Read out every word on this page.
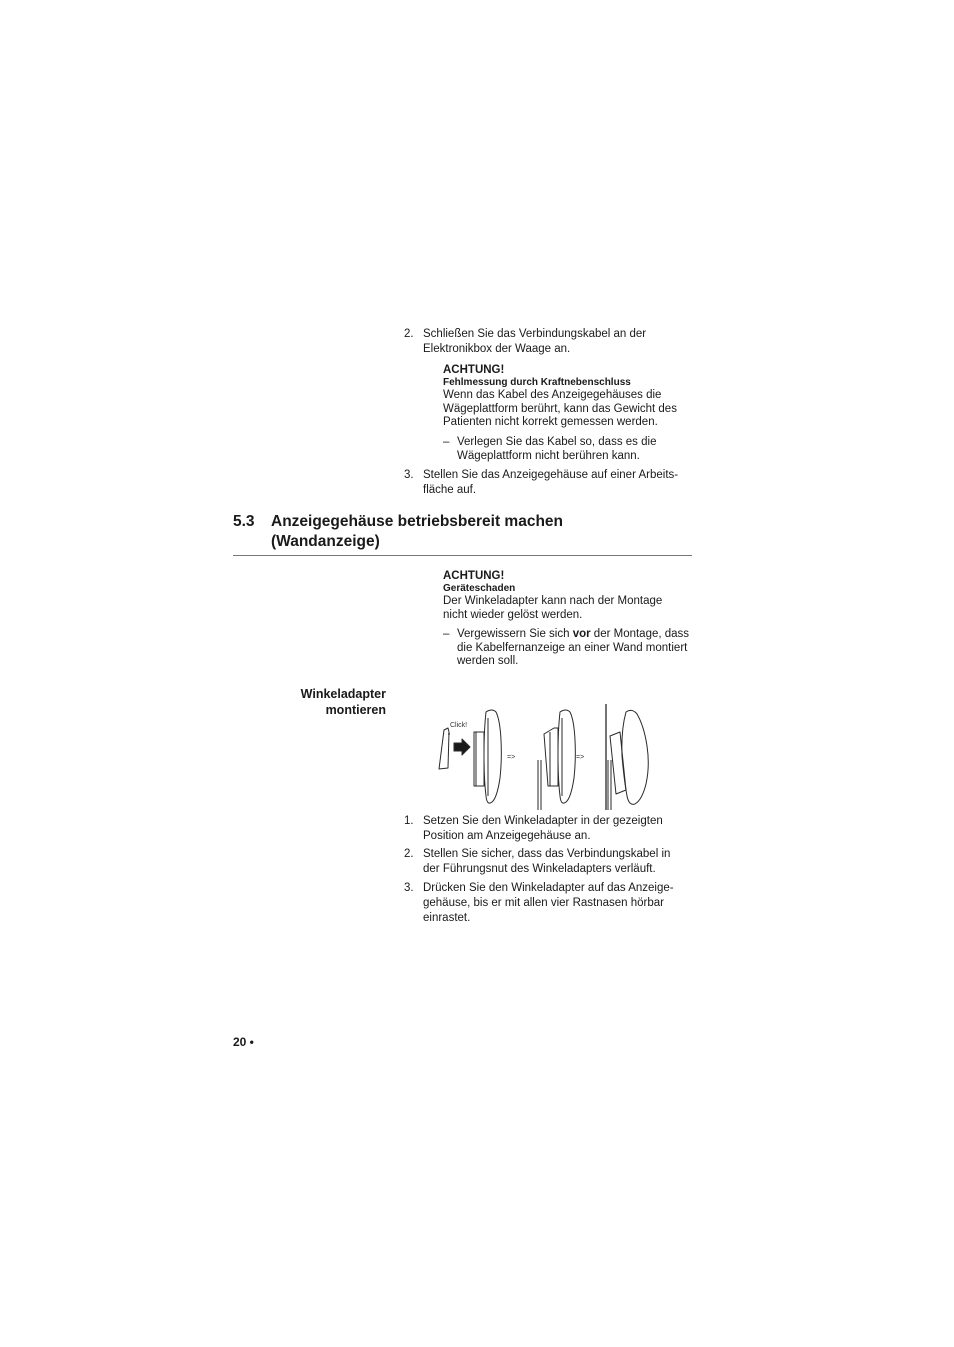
2. Schließen Sie das Verbindungskabel an der
Elektronikbox der Waage an.
ACHTUNG!
Fehlmessung durch Kraftnebenschluss
Wenn das Kabel des Anzeigegehäuses die
Wägeplattform berührt, kann das Gewicht des
Patienten nicht korrekt gemessen werden.
– Verlegen Sie das Kabel so, dass es die
Wägeplattform nicht berühren kann.
3. Stellen Sie das Anzeigegehäuse auf einer Arbeits-
fläche auf.
5.3 Anzeigegehäuse betriebsbereit machen
(Wandanzeige)
ACHTUNG!
Geräteschaden
Der Winkeladapter kann nach der Montage
nicht wieder gelöst werden.
– Vergewissern Sie sich vor der Montage, dass
die Kabelfernanzeige an einer Wand montiert
werden soll.
Winkeladapter
montieren
Click!
=>	=>
1. Setzen Sie den Winkeladapter in der gezeigten
Position am Anzeigegehäuse an.
2. Stellen Sie sicher, dass das Verbindungskabel in
der Führungsnut des Winkeladapters verläuft.
3. Drücken Sie den Winkeladapter auf das Anzeige-
gehäuse, bis er mit allen vier Rastnasen hörbar
einrastet.
20 •
